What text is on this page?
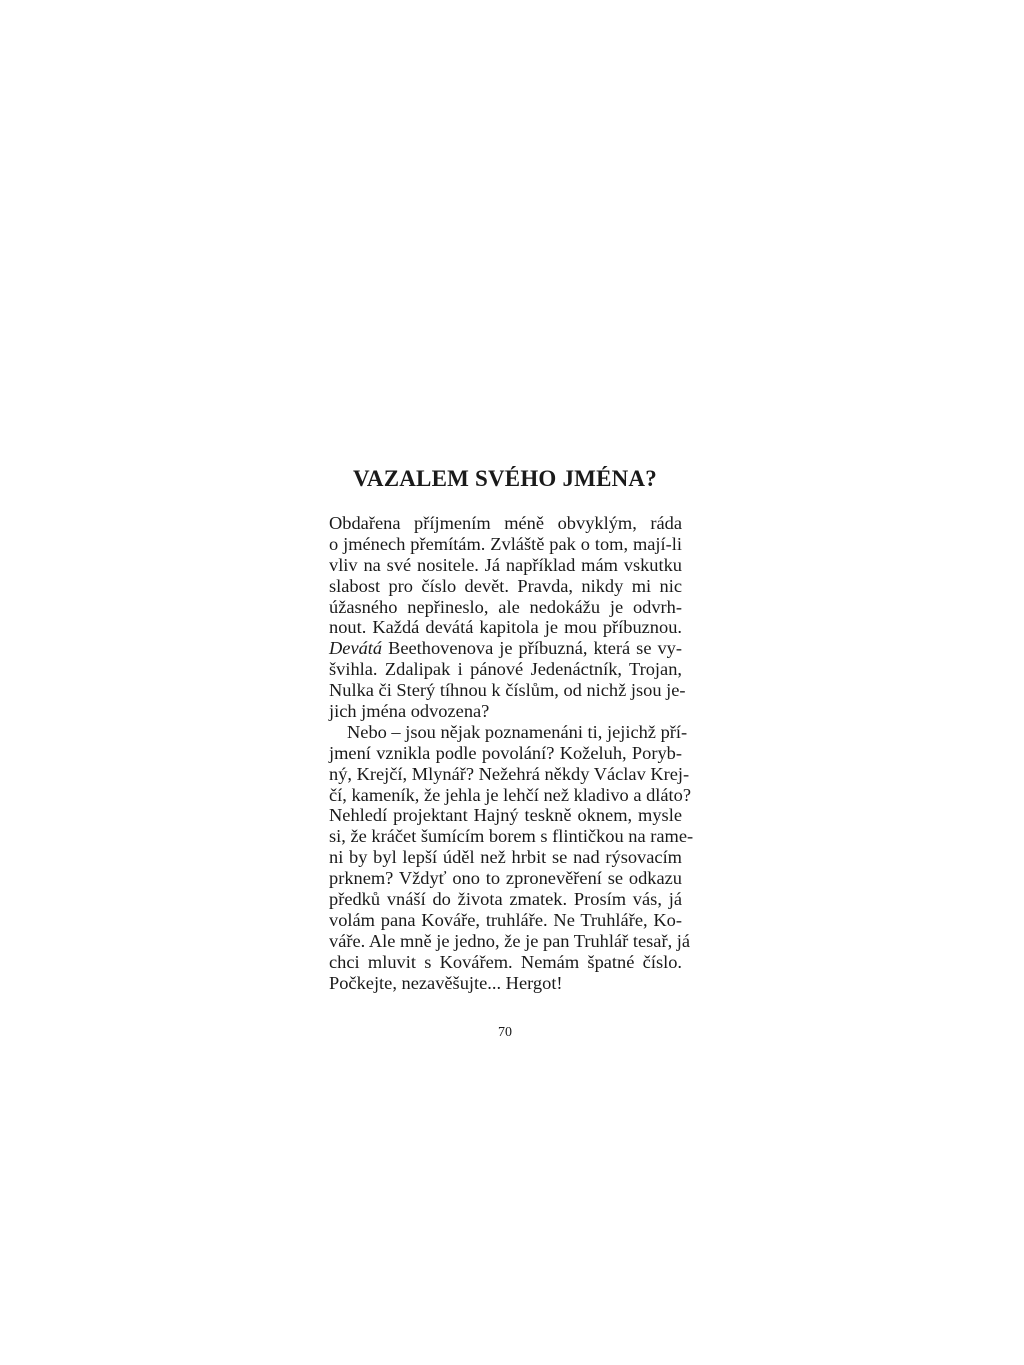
VAZALEM SVÉHO JMÉNA?
Obdařena příjmením méně obvyklým, ráda
o jménech přemítám. Zvláště pak o tom, mají-li
vliv na své nositele. Já například mám vskutku
slabost pro číslo devět. Pravda, nikdy mi nic
úžasného nepřineslo, ale nedokážu je odvrh-
nout. Každá devátá kapitola je mou příbuznou.
Devátá Beethovenova je příbuzná, která se vy-
švihla. Zdalipak i pánové Jedenáctník, Trojan,
Nulka či Sterý tíhnou k číslům, od nichž jsou je-
jich jména odvozena?
Nebo – jsou nějak poznamenáni ti, jejichž pří-
jmení vznikla podle povolání? Koželuh, Poryb-
ný, Krejčí, Mlynář? Nežehrá někdy Václav Krej-
čí, kameník, že jehla je lehčí než kladivo a dláto?
Nehledí projektant Hajný teskně oknem, mysle
si, že kráčet šumícím borem s flintičkou na rame-
ni by byl lepší úděl než hrbit se nad rýsovacím
prknem? Vždyť ono to zpronevěření se odkazu
předků vnáší do života zmatek. Prosím vás, já
volám pana Kováře, truhláře. Ne Truhláře, Ko-
váře. Ale mně je jedno, že je pan Truhlář tesař, já
chci mluvit s Kovářem. Nemám špatné číslo.
Počkejte, nezavěšujte... Hergot!
70
